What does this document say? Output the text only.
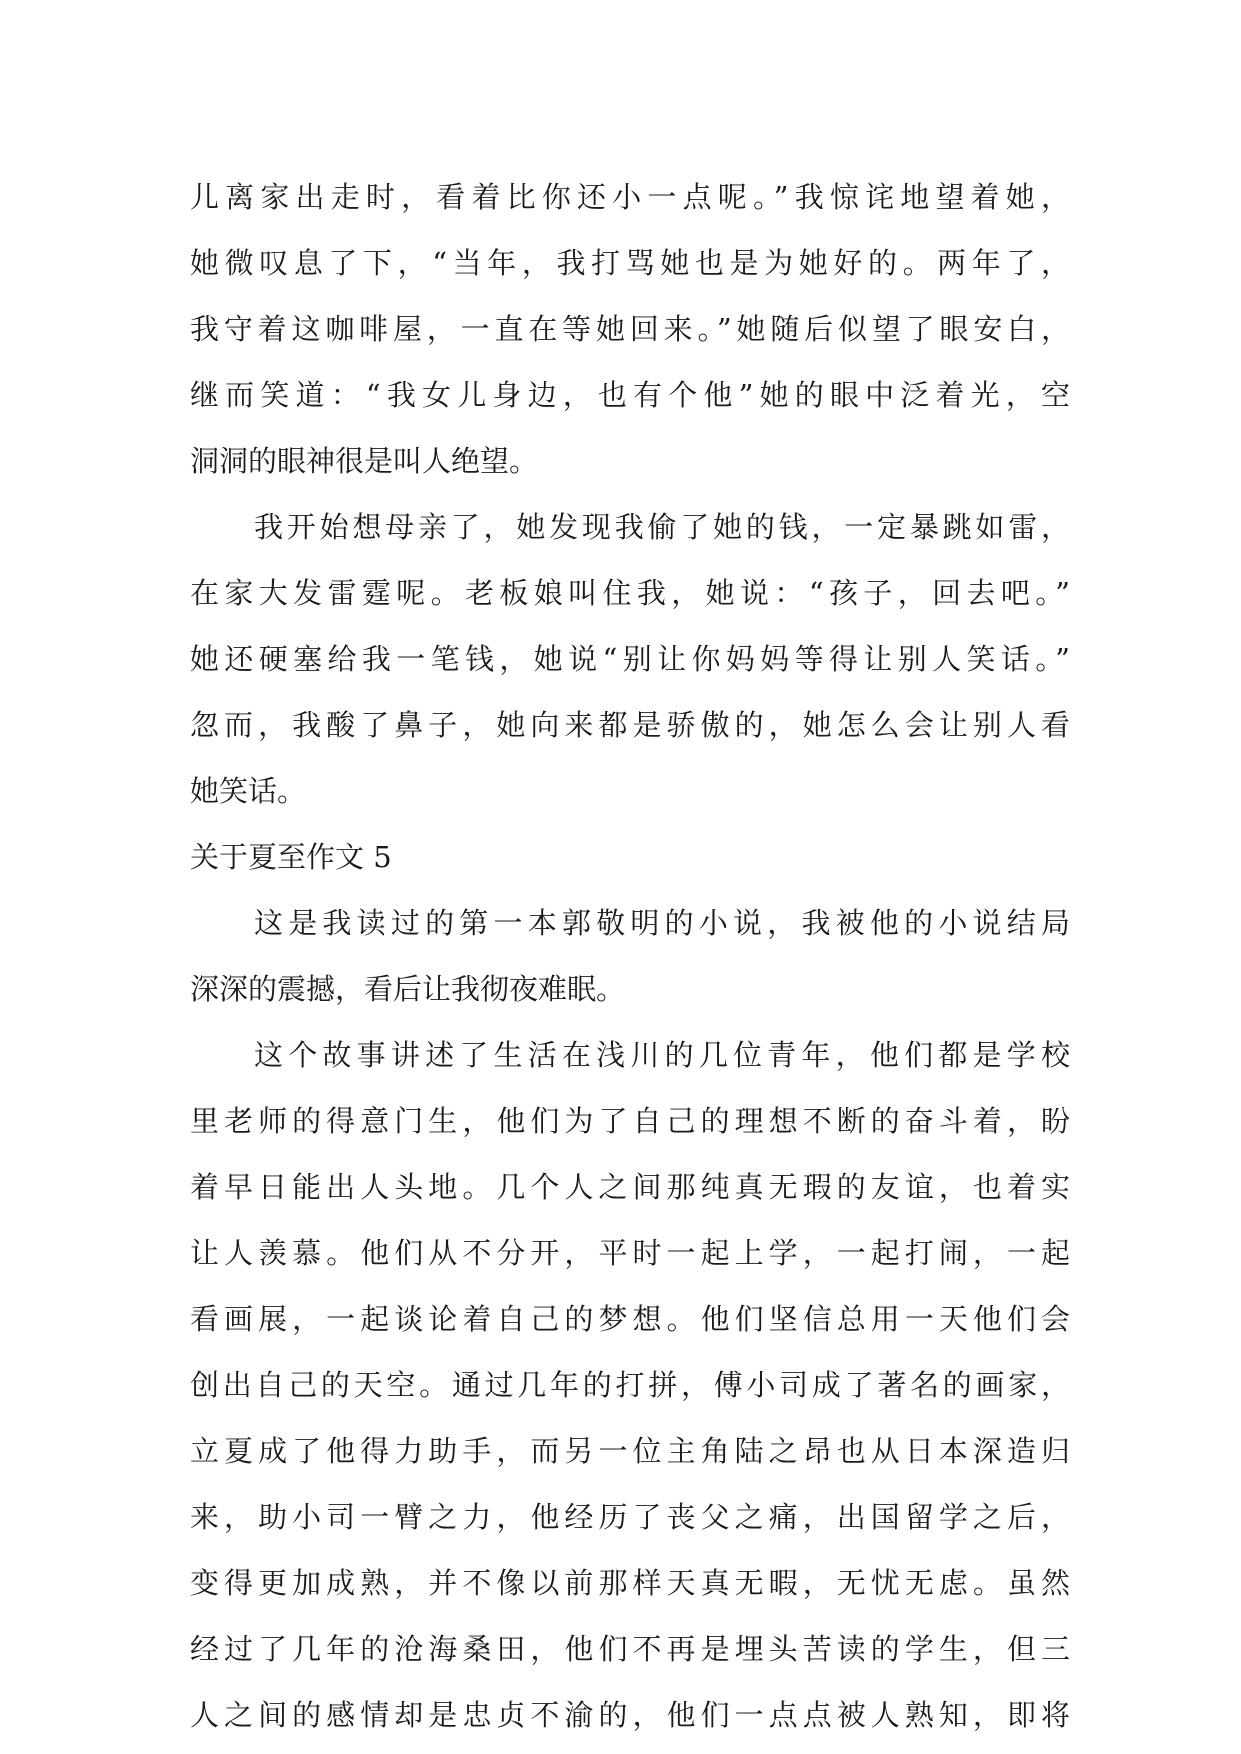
儿离家出走时，看着比你还小一点呢。”我惊诧地望着她，
她微叹息了下，“当年，我打骂她也是为她好的。两年了，
我守着这咖啡屋，一直在等她回来。”她随后似望了眼安白，
继而笑道：“我女儿身边，也有个他”她的眼中泛着光，空
洞洞的眼神很是叫人绝望。
我开始想母亲了，她发现我偷了她的钱，一定暴跳如雷，
在家大发雷霆呢。老板娘叫住我，她说：“孩子，回去吧。”
她还硬塞给我一笔钱，她说“别让你妈妈等得让别人笑话。”
忽而，我酸了鼻子，她向来都是骄傲的，她怎么会让别人看
她笑话。
关于夏至作文 5
这是我读过的第一本郭敬明的小说，我被他的小说结局
深深的震撼，看后让我彻夜难眠。
这个故事讲述了生活在浅川的几位青年，他们都是学校
里老师的得意门生，他们为了自己的理想不断的奋斗着，盼
着早日能出人头地。几个人之间那纯真无瑕的友谊，也着实
让人羡慕。他们从不分开，平时一起上学，一起打闹，一起
看画展，一起谈论着自己的梦想。他们坚信总用一天他们会
创出自己的天空。通过几年的打拼，傅小司成了著名的画家，
立夏成了他得力助手，而另一位主角陆之昂也从日本深造归
来，助小司一臂之力，他经历了丧父之痛，出国留学之后，
变得更加成熟，并不像以前那样天真无暇，无忧无虑。虽然
经过了几年的沧海桑田，他们不再是埋头苦读的学生，但三
人之间的感情却是忠贞不渝的，他们一点点被人熟知，即将
